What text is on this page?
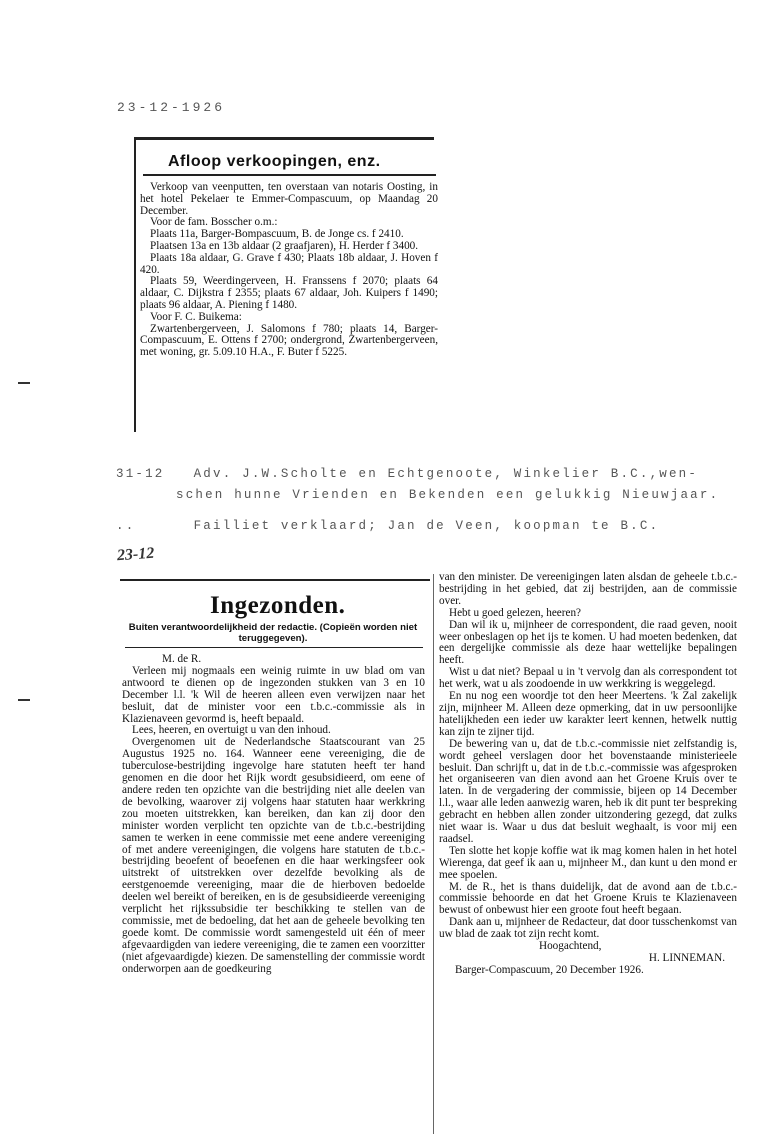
23-12-1926
Afloop verkoopingen, enz.

Verkoop van veenputten, ten overstaan van notaris Oosting, in het hotel Pekelaer te Emmer-Compascuum, op Maandag 20 December.

Voor de fam. Bosscher o.m.:

Plaats 11a, Barger-Bompascuum, B. de Jonge cs. f 2410.

Plaatsen 13a en 13b aldaar (2 graafjaren), H. Herder f 3400.

Plaats 18a aldaar, G. Grave f 430; Plaats 18b aldaar, J. Hoven f 420.

Plaats 59, Weerdingerveen, H. Franssens f 2070; plaats 64 aldaar, C. Dijkstra f 2355; plaats 67 aldaar, Joh. Kuipers f 1490; plaats 96 aldaar, A. Piening f 1480.

Voor F. C. Buikema:

Zwartenbergerveen, J. Salomons f 780; plaats 14, Barger-Compascuum, E. Ottens f 2700; ondergrond, Zwartenbergerveen, met woning, gr. 5.09.10 H.A., F. Buter f 5225.

31-12   Adv. J.W.Scholte en Echtgenoote, Winkelier B.C.,wen-
schen hunne Vrienden en Bekenden een gelukkig Nieuwjaar.
..      Failliet verklaard; Jan de Veen, koopman te B.C.
23-12
Ingezonden.
Buiten verantwoordelijkheid der redactie. (Copieën worden niet teruggegeven).

M. de R.

Verleen mij nogmaals een weinig ruimte in uw blad om van antwoord te dienen op de ingezonden stukken van 3 en 10 December l.l. 'k Wil de heeren alleen even verwijzen naar het besluit, dat de minister voor een t.b.c.-commissie als in Klazienaveen gevormd is, heeft bepaald.

Lees, heeren, en overtuigt u van den inhoud.

Overgenomen uit de Nederlandsche Staatscourant van 25 Augustus 1925 no. 164. Wanneer eene vereeniging, die de tuberculose-bestrijding ingevolge hare statuten heeft ter hand genomen en die door het Rijk wordt gesubsidieerd, om eene of andere reden ten opzichte van die bestrijding niet alle deelen van de bevolking, waarover zij volgens haar statuten haar werkkring zou moeten uitstrekken, kan bereiken, dan kan zij door den minister worden verplicht ten opzichte van de t.b.c.-bestrijding samen te werken in eene commissie met eene andere vereeniging of met andere vereenigingen, die volgens hare statuten de t.b.c.-bestrijding beoefent of beoefenen en die haar werkingsfeer ook uitstrekt of uitstrekken over dezelfde bevolking als de eerstgenoemde vereeniging, maar die de hierboven bedoelde deelen wel bereikt of bereiken, en is de gesubsidieerde vereeniging verplicht het rijkssubsidie ter beschikking te stellen van de commissie, met de bedoeling, dat het aan de geheele bevolking ten goede komt. De commissie wordt samengesteld uit één of meer afgevaardigden van iedere vereeniging, die te zamen een voorzitter (niet afgevaardigde) kiezen. De samenstelling der commissie wordt onderworpen aan de goedkeuring

van den minister. De vereenigingen laten alsdan de geheele t.b.c.-bestrijding in het gebied, dat zij bestrijden, aan de commissie over.

Hebt u goed gelezen, heeren?

Dan wil ik u, mijnheer de correspondent, die raad geven, nooit weer onbeslagen op het ijs te komen. U had moeten bedenken, dat een dergelijke commissie als deze haar wettelijke bepalingen heeft.

Wist u dat niet? Bepaal u in 't vervolg dan als correspondent tot het werk, wat u als zoodoende in uw werkkring is weggelegd.

En nu nog een woordje tot den heer Meertens. 'k Zal zakelijk zijn, mijnheer M. Alleen deze opmerking, dat in uw persoonlijke hatelijkheden een ieder uw karakter leert kennen, hetwelk nuttig kan zijn te zijner tijd.

De bewering van u, dat de t.b.c.-commissie niet zelfstandig is, wordt geheel verslagen door het bovenstaande ministerieele besluit. Dan schrijft u, dat in de t.b.c.-commissie was afgesproken het organiseeren van dien avond aan het Groene Kruis over te laten. In de vergadering der commissie, bijeen op 14 December l.l., waar alle leden aanwezig waren, heb ik dit punt ter bespreking gebracht en hebben allen zonder uitzondering gezegd, dat zulks niet waar is. Waar u dus dat besluit weghaalt, is voor mij een raadsel.

Ten slotte het kopje koffie wat ik mag komen halen in het hotel Wierenga, dat geef ik aan u, mijnheer M., dan kunt u den mond er mee spoelen.

M. de R., het is thans duidelijk, dat de avond aan de t.b.c.-commissie behoorde en dat het Groene Kruis te Klazienaveen bewust of onbewust hier een groote fout heeft begaan.

Dank aan u, mijnheer de Redacteur, dat door tusschenkomst van uw blad de zaak tot zijn recht komt.

Hoogachtend,

H. LINNEMAN.

Barger-Compascuum, 20 December 1926.
